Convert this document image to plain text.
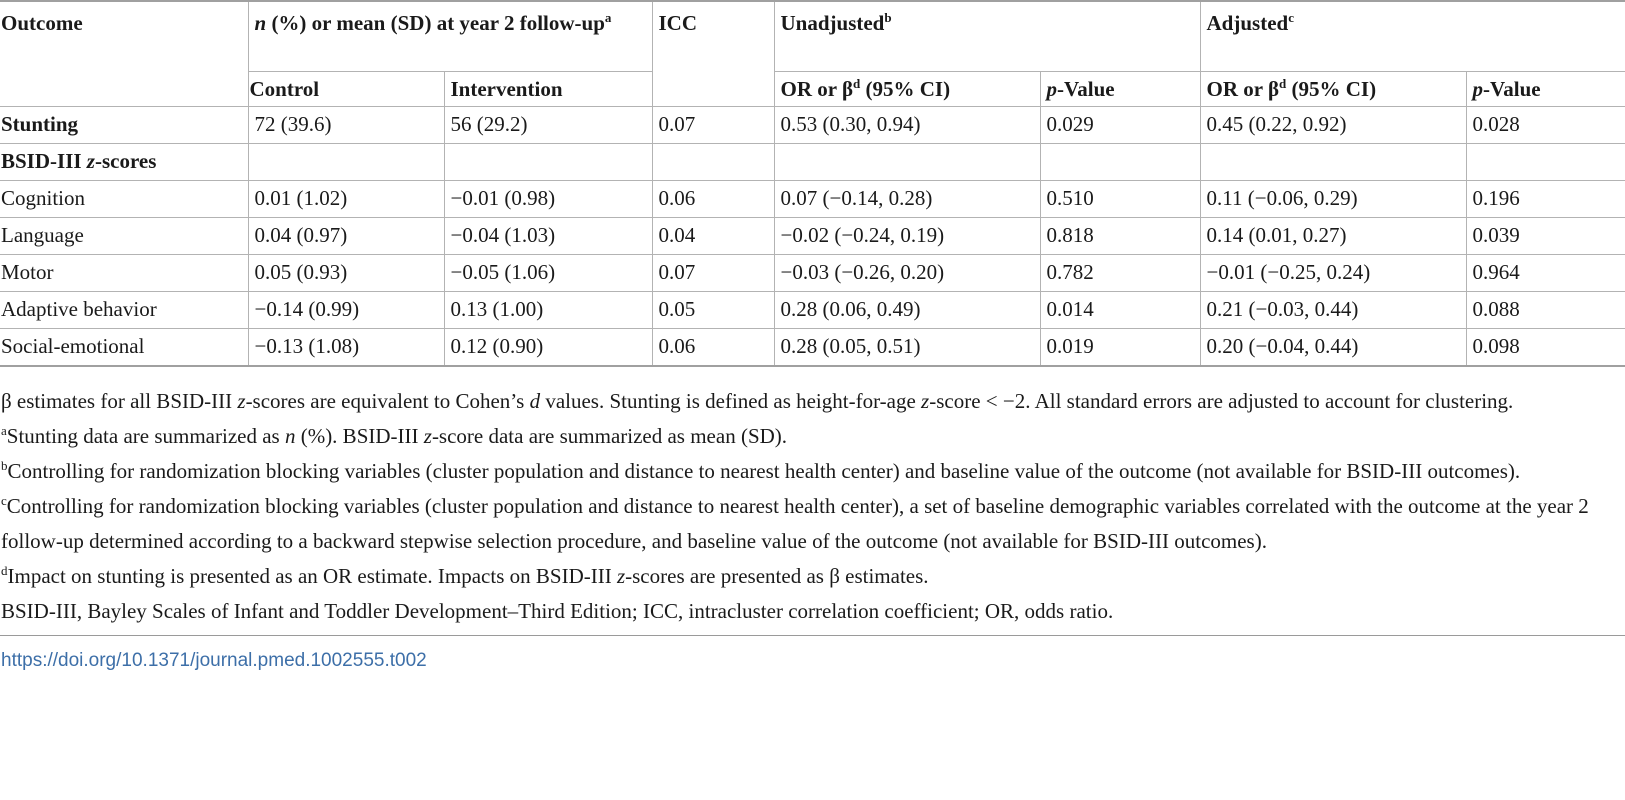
Outcome	n (%) or mean (SD) at year 2 follow-$up^a$		ICC	Unadjusted$^b$		Adjusted$^c$
	Control	Intervention		OR or $\beta^d$ (95% CI)	p-Value	OR or $\beta^d$ (95% CI)	p-Value
Stunting	72 (39.6)	56 (29.2)	0.07	0.53 (0.30, 0.94)	0.029	0.45 (0.22, 0.92)	0.028
BSID-III z-scores							
Cognition	0.01 (1.02)	−0.01 (0.98)	0.06	0.07 (−0.14, 0.28)	0.510	0.11 (−0.06, 0.29)	0.196
Language	0.04 (0.97)	−0.04 (1.03)	0.04	−0.02 (−0.24, 0.19)	0.818	0.14 (0.01, 0.27)	0.039
Motor	0.05 (0.93)	−0.05 (1.06)	0.07	−0.03 (−0.26, 0.20)	0.782	−0.01 (−0.25, 0.24)	0.964
Adaptive behavior	−0.14 (0.99)	0.13 (1.00)	0.05	0.28 (0.06, 0.49)	0.014	0.21 (−0.03, 0.44)	0.088
Social-emotional	−0.13 (1.08)	0.12 (0.90)	0.06	0.28 (0.05, 0.51)	0.019	0.20 (−0.04, 0.44)	0.098

β estimates for all BSID-III z-scores are equivalent to Cohen’s d values. Stunting is defined as height-for-age z-score < −2. All standard errors are adjusted to account for clustering.

$^a$Stunting data are summarized as n (%). BSID-III z-score data are summarized as mean (SD).

$^b$Controlling for randomization blocking variables (cluster population and distance to nearest health center) and baseline value of the outcome (not available for BSID-III outcomes).

$^c$Controlling for randomization blocking variables (cluster population and distance to nearest health center), a set of baseline demographic variables correlated with the outcome at the year 2 follow-up determined according to a backward stepwise selection procedure, and baseline value of the outcome (not available for BSID-III outcomes).

$^d$Impact on stunting is presented as an OR estimate. Impacts on BSID-III z-scores are presented as β estimates.

BSID-III, Bayley Scales of Infant and Toddler Development–Third Edition; ICC, intracluster correlation coefficient; OR, odds ratio.

https://doi.org/10.1371/journal.pmed.1002555.t002
